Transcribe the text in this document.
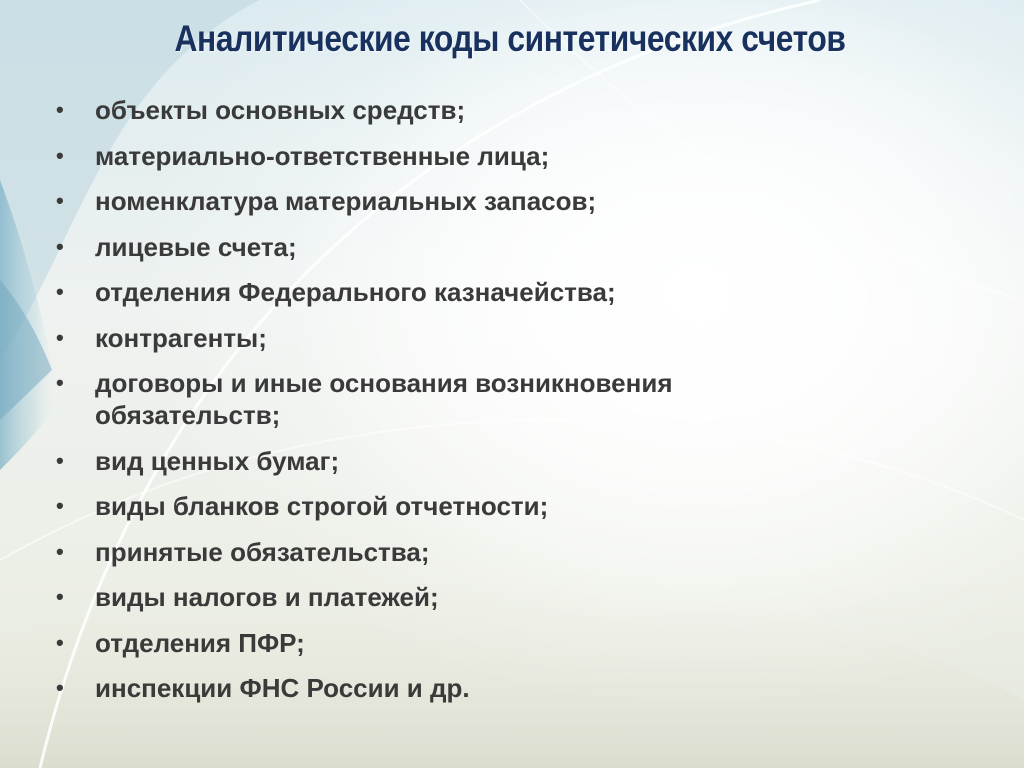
Аналитические коды синтетических счетов
• объекты основных средств;
• материально-ответственные лица;
• номенклатура материальных запасов;
• лицевые счета;
• отделения Федерального казначейства;
• контрагенты;
• договоры и иные основания возникновения
обязательств;
• вид ценных бумаг;
• виды бланков строгой отчетности;
• принятые обязательства;
• виды налогов и платежей;
• отделения ПФР;
• инспекции ФНС России и др.
